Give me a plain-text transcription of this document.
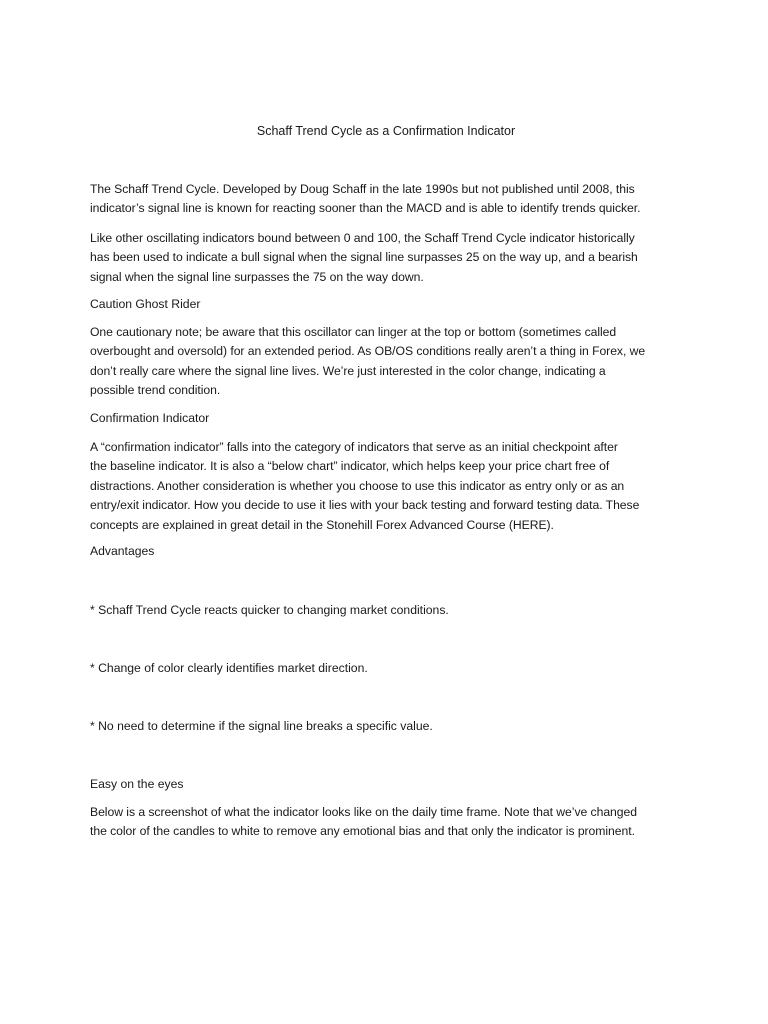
Schaff Trend Cycle as a Confirmation Indicator

The Schaff Trend Cycle. Developed by Doug Schaff in the late 1990s but not published until 2008, this
indicator’s signal line is known for reacting sooner than the MACD and is able to identify trends quicker.

Like other oscillating indicators bound between 0 and 100, the Schaff Trend Cycle indicator historically
has been used to indicate a bull signal when the signal line surpasses 25 on the way up, and a bearish
signal when the signal line surpasses the 75 on the way down.

Caution Ghost Rider

One cautionary note; be aware that this oscillator can linger at the top or bottom (sometimes called
overbought and oversold) for an extended period. As OB/OS conditions really aren’t a thing in Forex, we
don’t really care where the signal line lives. We’re just interested in the color change, indicating a
possible trend condition.

Confirmation Indicator

A “confirmation indicator” falls into the category of indicators that serve as an initial checkpoint after
the baseline indicator. It is also a “below chart” indicator, which helps keep your price chart free of
distractions. Another consideration is whether you choose to use this indicator as entry only or as an
entry/exit indicator. How you decide to use it lies with your back testing and forward testing data. These
concepts are explained in great detail in the Stonehill Forex Advanced Course (HERE).

Advantages

* Schaff Trend Cycle reacts quicker to changing market conditions.

* Change of color clearly identifies market direction.

* No need to determine if the signal line breaks a specific value.

Easy on the eyes

Below is a screenshot of what the indicator looks like on the daily time frame. Note that we’ve changed
the color of the candles to white to remove any emotional bias and that only the indicator is prominent.
